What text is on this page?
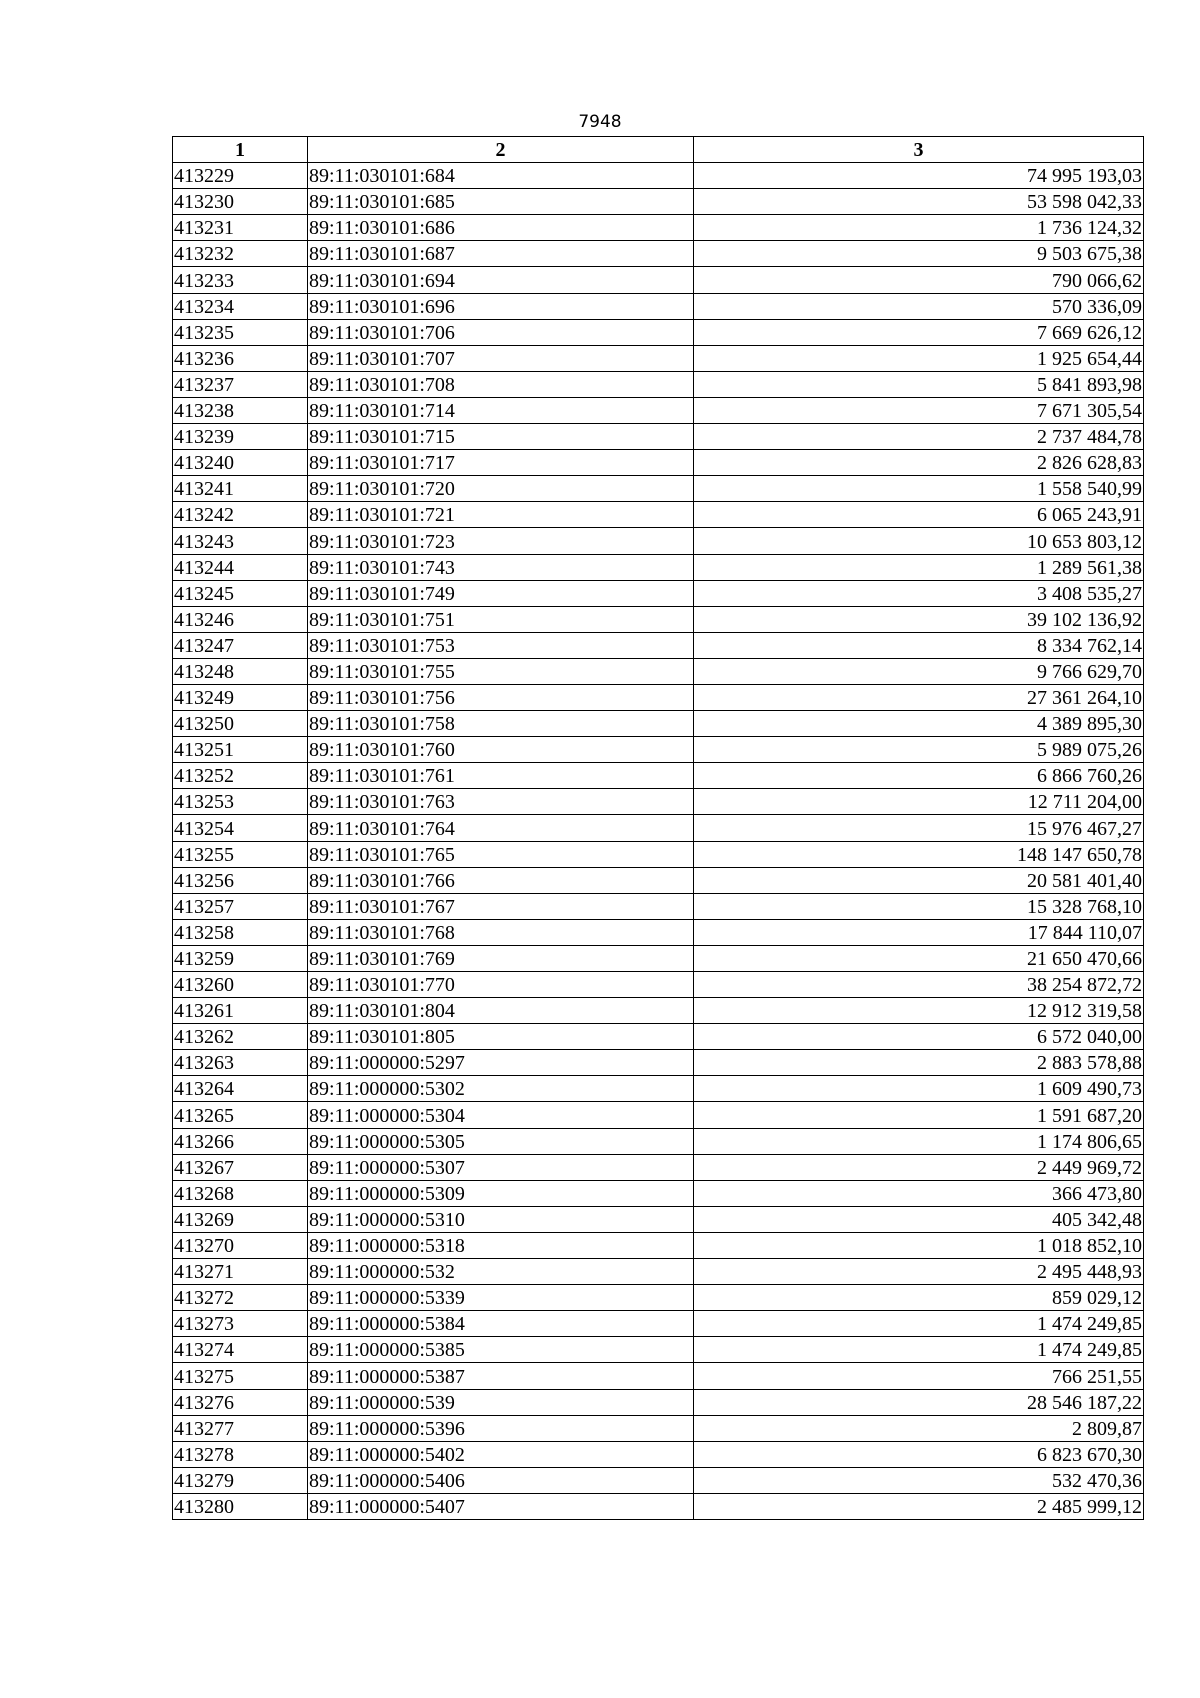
7948
1	2	3
413229	89:11:030101:684	74 995 193,03
413230	89:11:030101:685	53 598 042,33
413231	89:11:030101:686	1 736 124,32
413232	89:11:030101:687	9 503 675,38
413233	89:11:030101:694	790 066,62
413234	89:11:030101:696	570 336,09
413235	89:11:030101:706	7 669 626,12
413236	89:11:030101:707	1 925 654,44
413237	89:11:030101:708	5 841 893,98
413238	89:11:030101:714	7 671 305,54
413239	89:11:030101:715	2 737 484,78
413240	89:11:030101:717	2 826 628,83
413241	89:11:030101:720	1 558 540,99
413242	89:11:030101:721	6 065 243,91
413243	89:11:030101:723	10 653 803,12
413244	89:11:030101:743	1 289 561,38
413245	89:11:030101:749	3 408 535,27
413246	89:11:030101:751	39 102 136,92
413247	89:11:030101:753	8 334 762,14
413248	89:11:030101:755	9 766 629,70
413249	89:11:030101:756	27 361 264,10
413250	89:11:030101:758	4 389 895,30
413251	89:11:030101:760	5 989 075,26
413252	89:11:030101:761	6 866 760,26
413253	89:11:030101:763	12 711 204,00
413254	89:11:030101:764	15 976 467,27
413255	89:11:030101:765	148 147 650,78
413256	89:11:030101:766	20 581 401,40
413257	89:11:030101:767	15 328 768,10
413258	89:11:030101:768	17 844 110,07
413259	89:11:030101:769	21 650 470,66
413260	89:11:030101:770	38 254 872,72
413261	89:11:030101:804	12 912 319,58
413262	89:11:030101:805	6 572 040,00
413263	89:11:000000:5297	2 883 578,88
413264	89:11:000000:5302	1 609 490,73
413265	89:11:000000:5304	1 591 687,20
413266	89:11:000000:5305	1 174 806,65
413267	89:11:000000:5307	2 449 969,72
413268	89:11:000000:5309	366 473,80
413269	89:11:000000:5310	405 342,48
413270	89:11:000000:5318	1 018 852,10
413271	89:11:000000:532	2 495 448,93
413272	89:11:000000:5339	859 029,12
413273	89:11:000000:5384	1 474 249,85
413274	89:11:000000:5385	1 474 249,85
413275	89:11:000000:5387	766 251,55
413276	89:11:000000:539	28 546 187,22
413277	89:11:000000:5396	2 809,87
413278	89:11:000000:5402	6 823 670,30
413279	89:11:000000:5406	532 470,36
413280	89:11:000000:5407	2 485 999,12
